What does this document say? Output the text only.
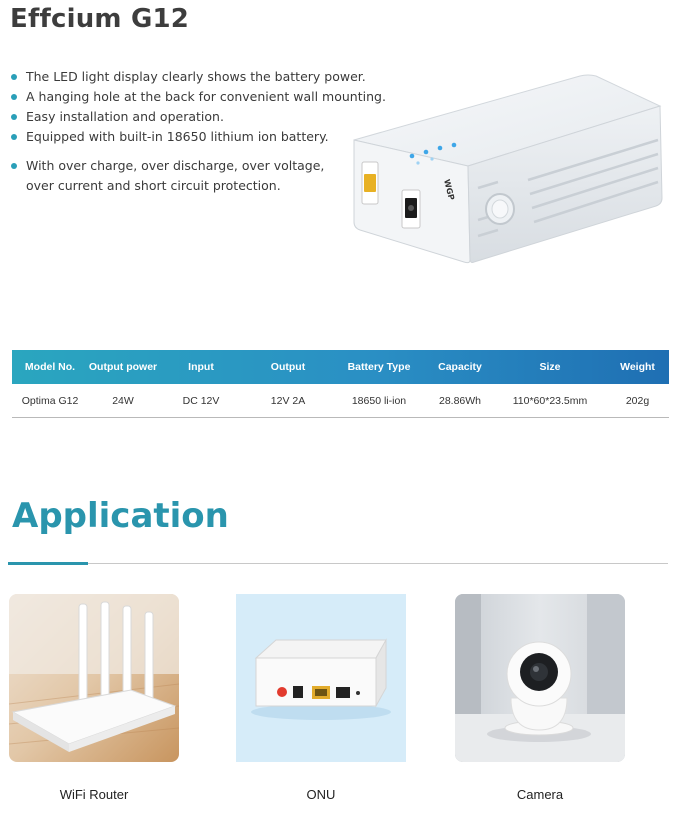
Effcium G12
The LED light display clearly shows the battery power.
A hanging hole at the back for convenient wall mounting.
Easy installation and operation.
Equipped with built-in 18650 lithium ion battery.
With over charge, over discharge, over voltage,
over current and short circuit protection.	WGP
Model No.	Output power	Input	Output	Battery Type	Capacity	Size	Weight
Optima G12	24W	DC 12V	12V 2A	18650 li-ion	28.86Wh	110*60*23.5mm	202g
Application
WiFi Router	ONU	Camera
